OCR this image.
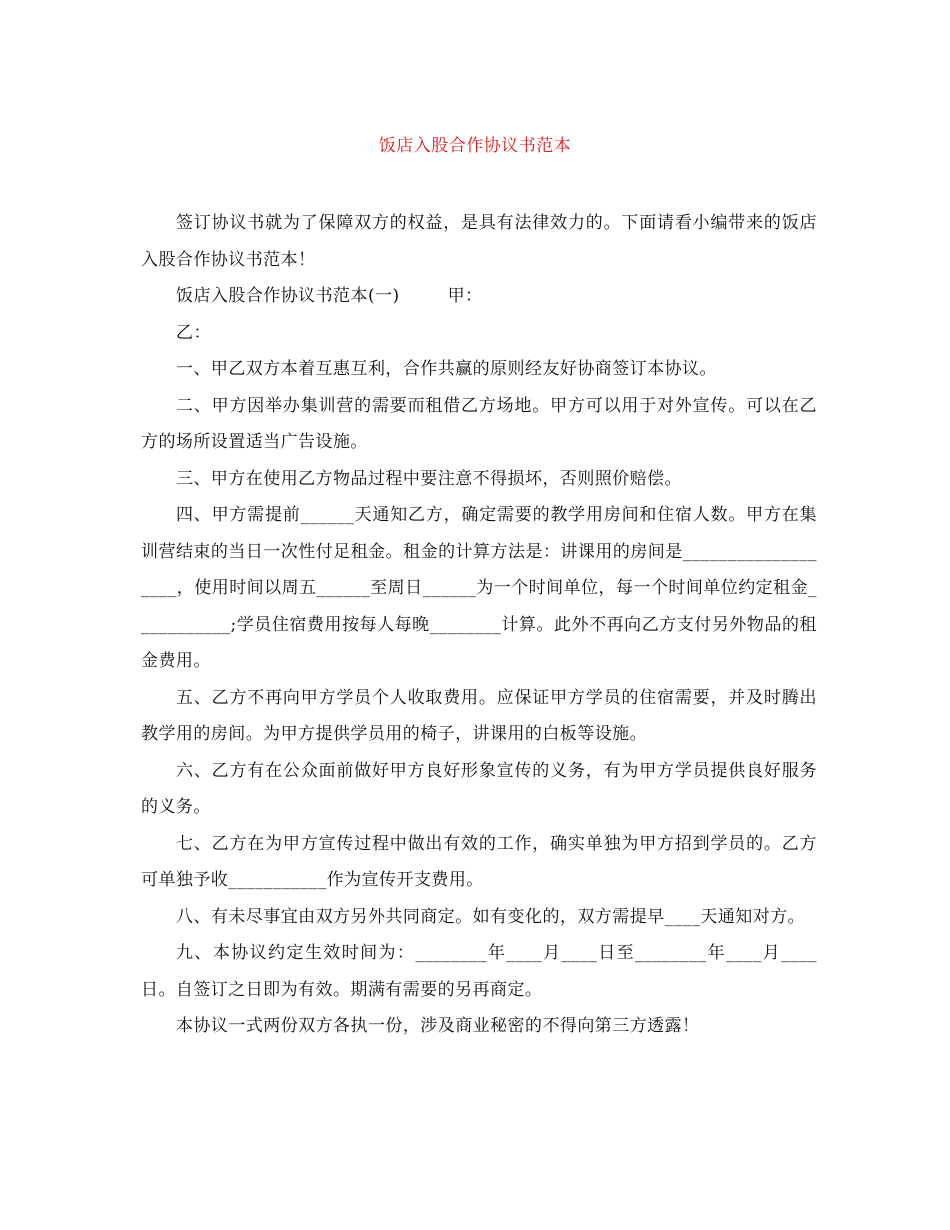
饭店入股合作协议书范本

签订协议书就为了保障双方的权益，是具有法律效力的。下面请看小编带来的饭店入股合作协议书范本！

饭店入股合作协议书范本(一)	甲：

乙：

一、甲乙双方本着互惠互利，合作共赢的原则经友好协商签订本协议。

二、甲方因举办集训营的需要而租借乙方场地。甲方可以用于对外宣传。可以在乙方的场所设置适当广告设施。

三、甲方在使用乙方物品过程中要注意不得损坏，否则照价赔偿。

四、甲方需提前______天通知乙方，确定需要的教学用房间和住宿人数。甲方在集训营结束的当日一次性付足租金。租金的计算方法是：讲课用的房间是___________________，使用时间以周五______至周日______为一个时间单位，每一个时间单位约定租金___________;学员住宿费用按每人每晚________计算。此外不再向乙方支付另外物品的租金费用。

五、乙方不再向甲方学员个人收取费用。应保证甲方学员的住宿需要，并及时腾出教学用的房间。为甲方提供学员用的椅子，讲课用的白板等设施。

六、乙方有在公众面前做好甲方良好形象宣传的义务，有为甲方学员提供良好服务的义务。

七、乙方在为甲方宣传过程中做出有效的工作，确实单独为甲方招到学员的。乙方可单独予收___________作为宣传开支费用。

八、有未尽事宜由双方另外共同商定。如有变化的，双方需提早____天通知对方。

九、本协议约定生效时间为：________年____月____日至________年____月____日。自签订之日即为有效。期满有需要的另再商定。

本协议一式两份双方各执一份，涉及商业秘密的不得向第三方透露！
